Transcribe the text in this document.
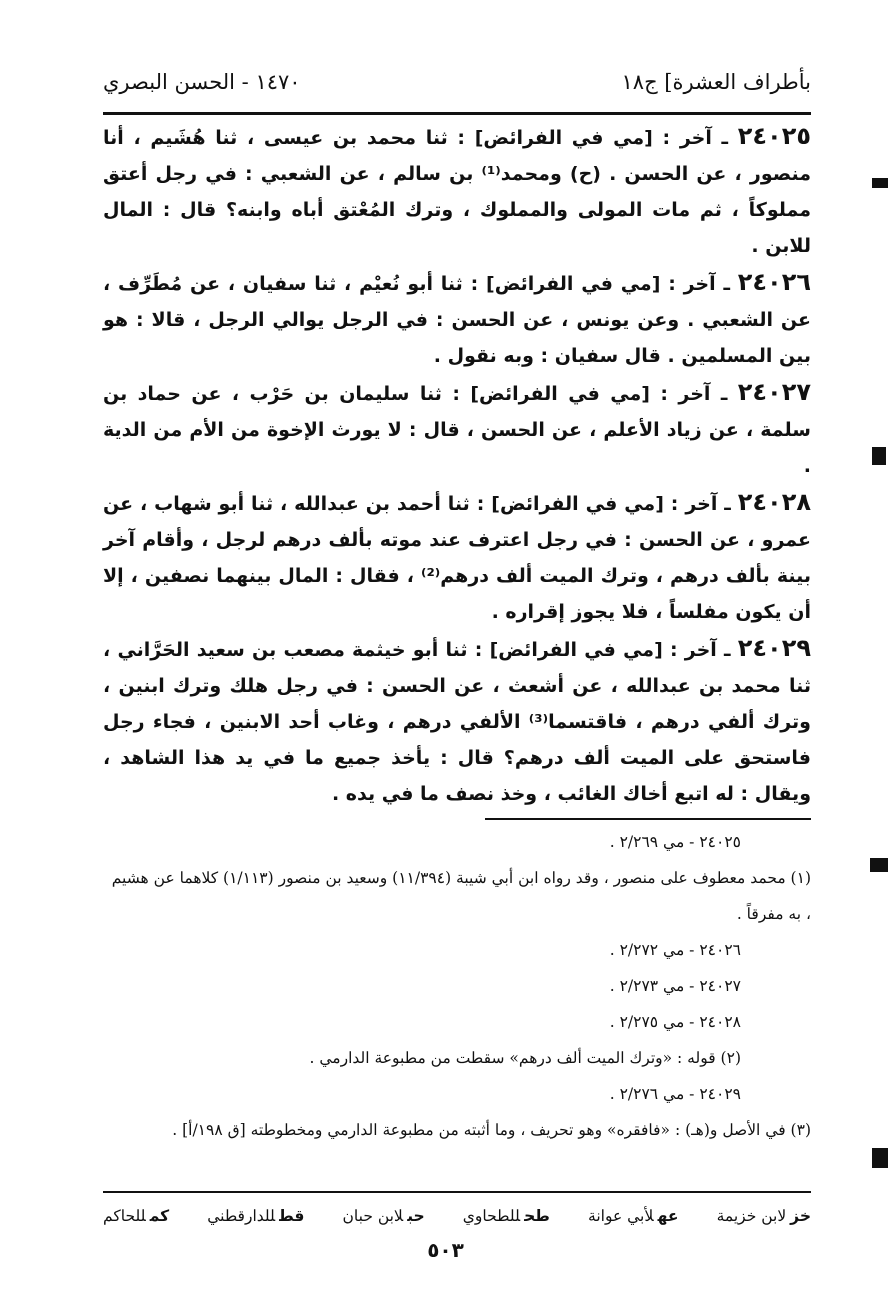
بأطراف العشرة] ج١٨
١٤٧٠ - الحسن البصري

٢٤٠٢٥ ـ آخر : [مي في الفرائض] : ثنا محمد بن عيسى ، ثنا هُشَيم ، أنا منصور ، عن الحسن . (ح) ومحمد⁽¹⁾ بن سالم ، عن الشعبي : في رجل أعتق مملوكاً ، ثم مات المولى والمملوك ، وترك المُعْتق أباه وابنه؟ قال : المال للابن .

٢٤٠٢٦ ـ آخر : [مي في الفرائض] : ثنا أبو نُعيْم ، ثنا سفيان ، عن مُطَرِّف ، عن الشعبي . وعن يونس ، عن الحسن : في الرجل يوالي الرجل ، قالا : هو بين المسلمين . قال سفيان : وبه نقول .

٢٤٠٢٧ ـ آخر : [مي في الفرائض] : ثنا سليمان بن حَرْب ، عن حماد بن سلمة ، عن زياد الأعلم ، عن الحسن ، قال : لا يورث الإخوة من الأم من الدية .

٢٤٠٢٨ ـ آخر : [مي في الفرائض] : ثنا أحمد بن عبدالله ، ثنا أبو شهاب ، عن عمرو ، عن الحسن : في رجل اعترف عند موته بألف درهم لرجل ، وأقام آخر بينة بألف درهم ، وترك الميت ألف درهم⁽²⁾ ، فقال : المال بينهما نصفين ، إلا أن يكون مفلساً ، فلا يجوز إقراره .

٢٤٠٢٩ ـ آخر : [مي في الفرائض] : ثنا أبو خيثمة مصعب بن سعيد الحَرَّاني ، ثنا محمد بن عبدالله ، عن أشعث ، عن الحسن : في رجل هلك وترك ابنين ، وترك ألفي درهم ، فاقتسما⁽³⁾ الألفي درهم ، وغاب أحد الابنين ، فجاء رجل فاستحق على الميت ألف درهم؟ قال : يأخذ جميع ما في يد هذا الشاهد ، ويقال : له اتبع أخاك الغائب ، وخذ نصف ما في يده .

٢٤٠٢٥ - مي ٢/٢٦٩ .

(١) محمد معطوف على منصور ، وقد رواه ابن أبي شيبة (١١/٣٩٤) وسعيد بن منصور (١/١١٣) كلاهما عن هشيم ، به مفرقاً .

٢٤٠٢٦ - مي ٢/٢٧٢ .

٢٤٠٢٧ - مي ٢/٢٧٣ .

٢٤٠٢٨ - مي ٢/٢٧٥ .

(٢) قوله : «وترك الميت ألف درهم» سقطت من مطبوعة الدارمي .

٢٤٠٢٩ - مي ٢/٢٧٦ .

(٣) في الأصل و(هـ) : «فافقره» وهو تحريف ، وما أثبته من مطبوعة الدارمي ومخطوطته [ق ١٩٨/أ] .

خزلابن خزيمة
عهلأبي عوانة
طحللطحاوي
حبلابن حبان
قطللدارقطني
كمللحاكم
٥٠٣
